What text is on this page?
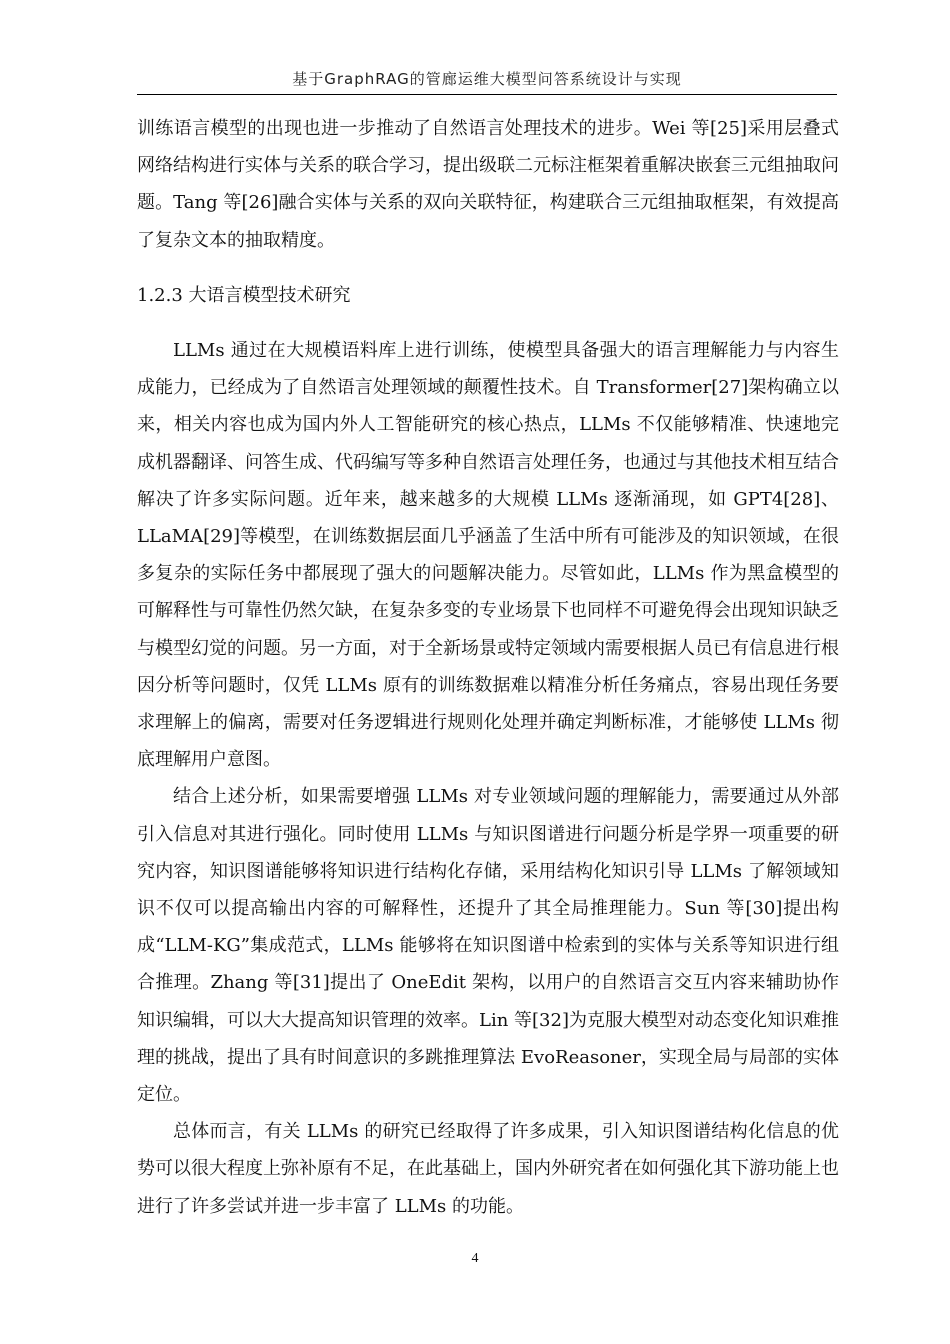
基于GraphRAG的管廊运维大模型问答系统设计与实现

训练语言模型的出现也进一步推动了自然语言处理技术的进步。Wei 等[25]采用层叠式网络结构进行实体与关系的联合学习，提出级联二元标注框架着重解决嵌套三元组抽取问题。Tang 等[26]融合实体与关系的双向关联特征，构建联合三元组抽取框架，有效提高了复杂文本的抽取精度。

1.2.3 大语言模型技术研究

LLMs 通过在大规模语料库上进行训练，使模型具备强大的语言理解能力与内容生成能力，已经成为了自然语言处理领域的颠覆性技术。自 Transformer[27]架构确立以来，相关内容也成为国内外人工智能研究的核心热点，LLMs 不仅能够精准、快速地完成机器翻译、问答生成、代码编写等多种自然语言处理任务，也通过与其他技术相互结合解决了许多实际问题。近年来，越来越多的大规模 LLMs 逐渐涌现，如 GPT4[28]、LLaMA[29]等模型，在训练数据层面几乎涵盖了生活中所有可能涉及的知识领域，在很多复杂的实际任务中都展现了强大的问题解决能力。尽管如此，LLMs 作为黑盒模型的可解释性与可靠性仍然欠缺，在复杂多变的专业场景下也同样不可避免得会出现知识缺乏与模型幻觉的问题。另一方面，对于全新场景或特定领域内需要根据人员已有信息进行根因分析等问题时，仅凭 LLMs 原有的训练数据难以精准分析任务痛点，容易出现任务要求理解上的偏离，需要对任务逻辑进行规则化处理并确定判断标准，才能够使 LLMs 彻底理解用户意图。

结合上述分析，如果需要增强 LLMs 对专业领域问题的理解能力，需要通过从外部引入信息对其进行强化。同时使用 LLMs 与知识图谱进行问题分析是学界一项重要的研究内容，知识图谱能够将知识进行结构化存储，采用结构化知识引导 LLMs 了解领域知识不仅可以提高输出内容的可解释性，还提升了其全局推理能力。Sun 等[30]提出构成“LLM-KG”集成范式，LLMs 能够将在知识图谱中检索到的实体与关系等知识进行组合推理。Zhang 等[31]提出了 OneEdit 架构，以用户的自然语言交互内容来辅助协作知识编辑，可以大大提高知识管理的效率。Lin 等[32]为克服大模型对动态变化知识难推理的挑战，提出了具有时间意识的多跳推理算法 EvoReasoner，实现全局与局部的实体定位。

总体而言，有关 LLMs 的研究已经取得了许多成果，引入知识图谱结构化信息的优势可以很大程度上弥补原有不足，在此基础上，国内外研究者在如何强化其下游功能上也进行了许多尝试并进一步丰富了 LLMs 的功能。

4
